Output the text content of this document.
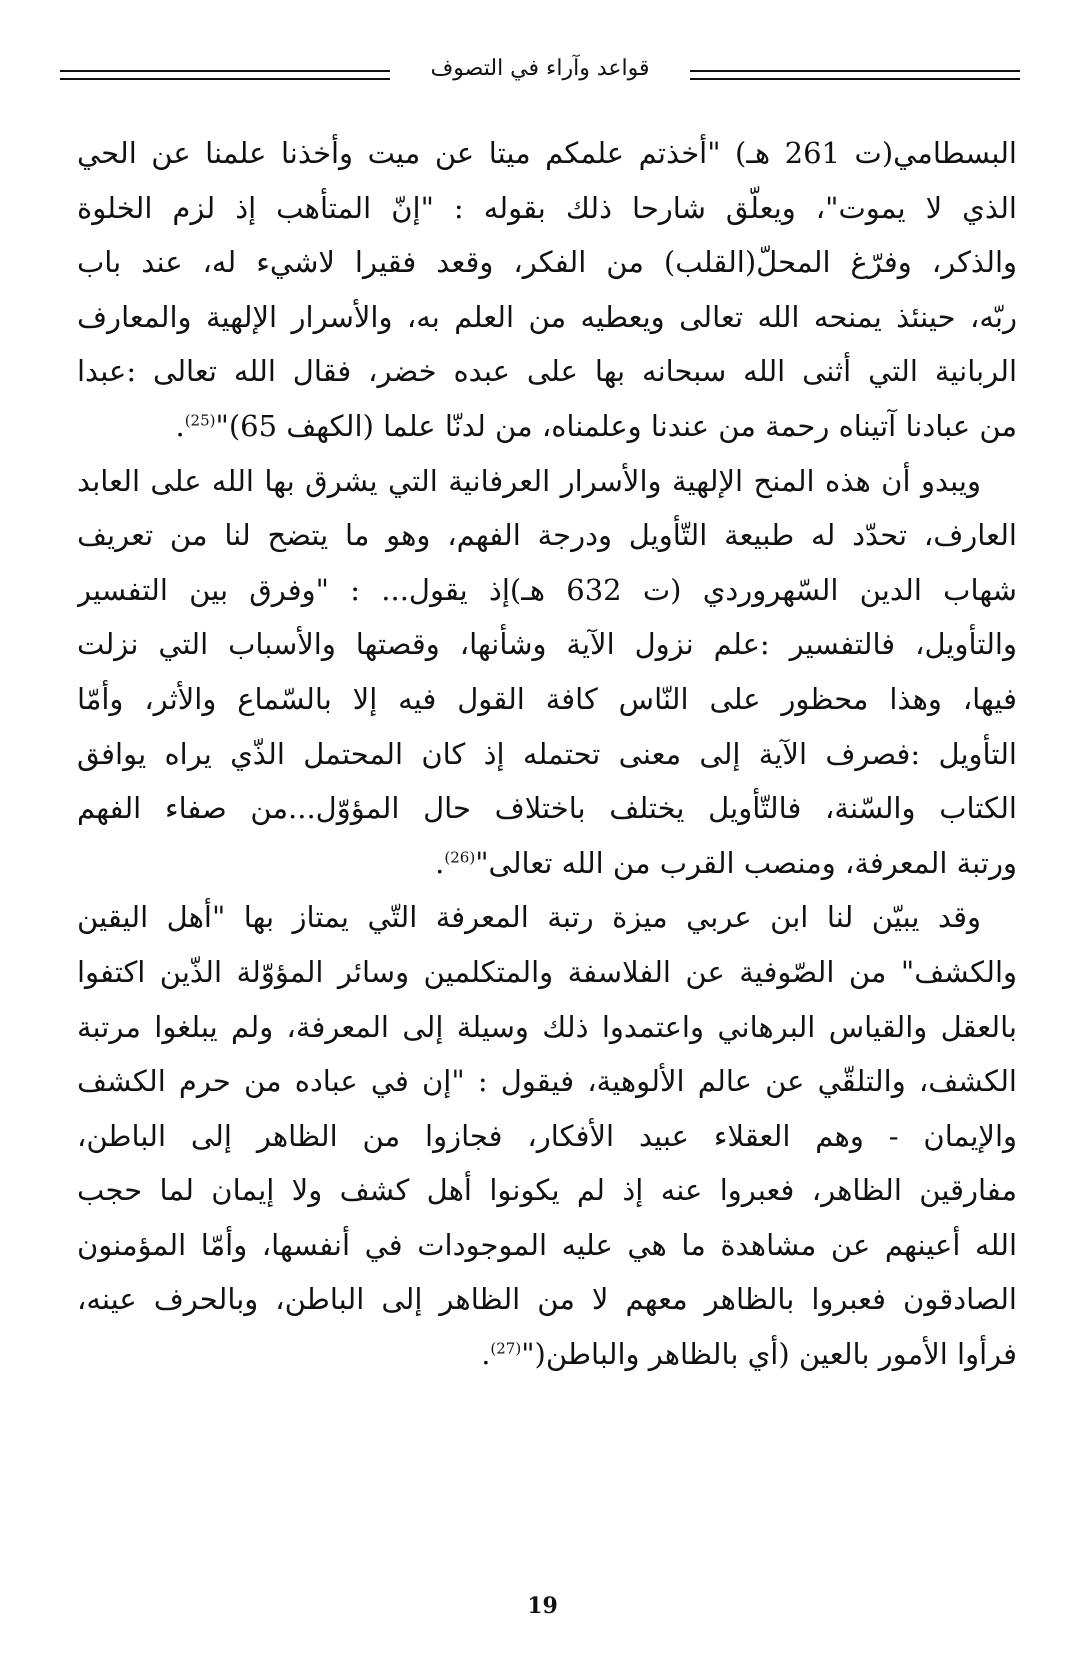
قواعد وآراء في التصوف
البسطامي(ت 261 هـ) "أخذتم علمكم ميتا عن ميت وأخذنا علمنا عن الحي
الذي لا يموت"، ويعلّق شارحا ذلك بقوله : "إنّ المتأهب إذ لزم الخلوة
والذكر، وفرّغ المحلّ(القلب) من الفكر، وقعد فقيرا لاشيء له، عند باب
ربّه، حينئذ يمنحه الله تعالى ويعطيه من العلم به، والأسرار الإلهية والمعارف
الربانية التي أثنى الله سبحانه بها على عبده خضر، فقال الله تعالى :عبدا
من عبادنا آتيناه رحمة من عندنا وعلمناه، من لدنّا علما (الكهف 65)"$^{(25)}$.
ويبدو أن هذه المنح الإلهية والأسرار العرفانية التي يشرق بها الله على العابد
العارف، تحدّد له طبيعة التّأويل ودرجة الفهم، وهو ما يتضح لنا من تعريف
شهاب الدين السّهروردي (ت 632 هـ)إذ يقول... : "وفرق بين التفسير
والتأويل، فالتفسير :علم نزول الآية وشأنها، وقصتها والأسباب التي نزلت
فيها، وهذا محظور على النّاس كافة القول فيه إلا بالسّماع والأثر، وأمّا
التأويل :فصرف الآية إلى معنى تحتمله إذ كان المحتمل الذّي يراه يوافق
الكتاب والسّنة، فالتّأويل يختلف باختلاف حال المؤوّل...من صفاء الفهم
ورتبة المعرفة، ومنصب القرب من الله تعالى"$^{(26)}$.
وقد يبيّن لنا ابن عربي ميزة رتبة المعرفة التّي يمتاز بها "أهل اليقين
والكشف" من الصّوفية عن الفلاسفة والمتكلمين وسائر المؤوّلة الذّين اكتفوا
بالعقل والقياس البرهاني واعتمدوا ذلك وسيلة إلى المعرفة، ولم يبلغوا مرتبة
الكشف، والتلقّي عن عالم الألوهية، فيقول : "إن في عباده من حرم الكشف
والإيمان - وهم العقلاء عبيد الأفكار، فجازوا من الظاهر إلى الباطن،
مفارقين الظاهر، فعبروا عنه إذ لم يكونوا أهل كشف ولا إيمان لما حجب
الله أعينهم عن مشاهدة ما هي عليه الموجودات في أنفسها، وأمّا المؤمنون
الصادقون فعبروا بالظاهر معهم لا من الظاهر إلى الباطن، وبالحرف عينه،
فرأوا الأمور بالعين (أي بالظاهر والباطن("$^{(27)}$.
19
